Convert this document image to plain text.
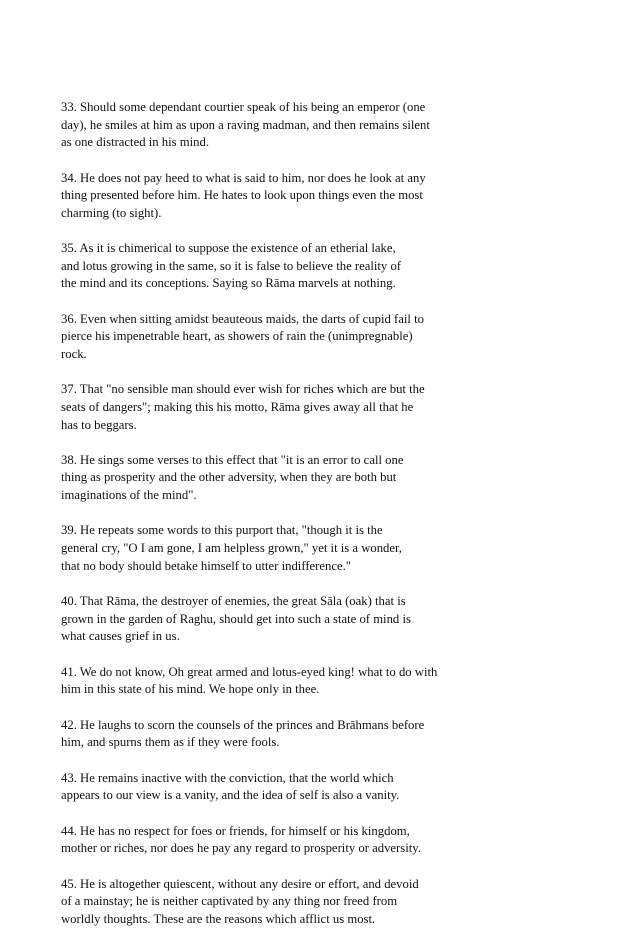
33. Should some dependant courtier speak of his being an emperor (one
day), he smiles at him as upon a raving madman, and then remains silent
as one distracted in his mind.

34. He does not pay heed to what is said to him, nor does he look at any
thing presented before him. He hates to look upon things even the most
charming (to sight).

35. As it is chimerical to suppose the existence of an etherial lake,
and lotus growing in the same, so it is false to believe the reality of
the mind and its conceptions. Saying so Rāma marvels at nothing.

36. Even when sitting amidst beauteous maids, the darts of cupid fail to
pierce his impenetrable heart, as showers of rain the (unimpregnable)
rock.

37. That "no sensible man should ever wish for riches which are but the
seats of dangers"; making this his motto, Rāma gives away all that he
has to beggars.

38. He sings some verses to this effect that "it is an error to call one
thing as prosperity and the other adversity, when they are both but
imaginations of the mind".

39. He repeats some words to this purport that, "though it is the
general cry, "O I am gone, I am helpless grown," yet it is a wonder,
that no body should betake himself to utter indifference."

40. That Rāma, the destroyer of enemies, the great Sāla (oak) that is
grown in the garden of Raghu, should get into such a state of mind is
what causes grief in us.

41. We do not know, Oh great armed and lotus-eyed king! what to do with
him in this state of his mind. We hope only in thee.

42. He laughs to scorn the counsels of the princes and Brāhmans before
him, and spurns them as if they were fools.

43. He remains inactive with the conviction, that the world which
appears to our view is a vanity, and the idea of self is also a vanity.

44. He has no respect for foes or friends, for himself or his kingdom,
mother or riches, nor does he pay any regard to prosperity or adversity.

45. He is altogether quiescent, without any desire or effort, and devoid
of a mainstay; he is neither captivated by any thing nor freed from
worldly thoughts. These are the reasons which afflict us most.
